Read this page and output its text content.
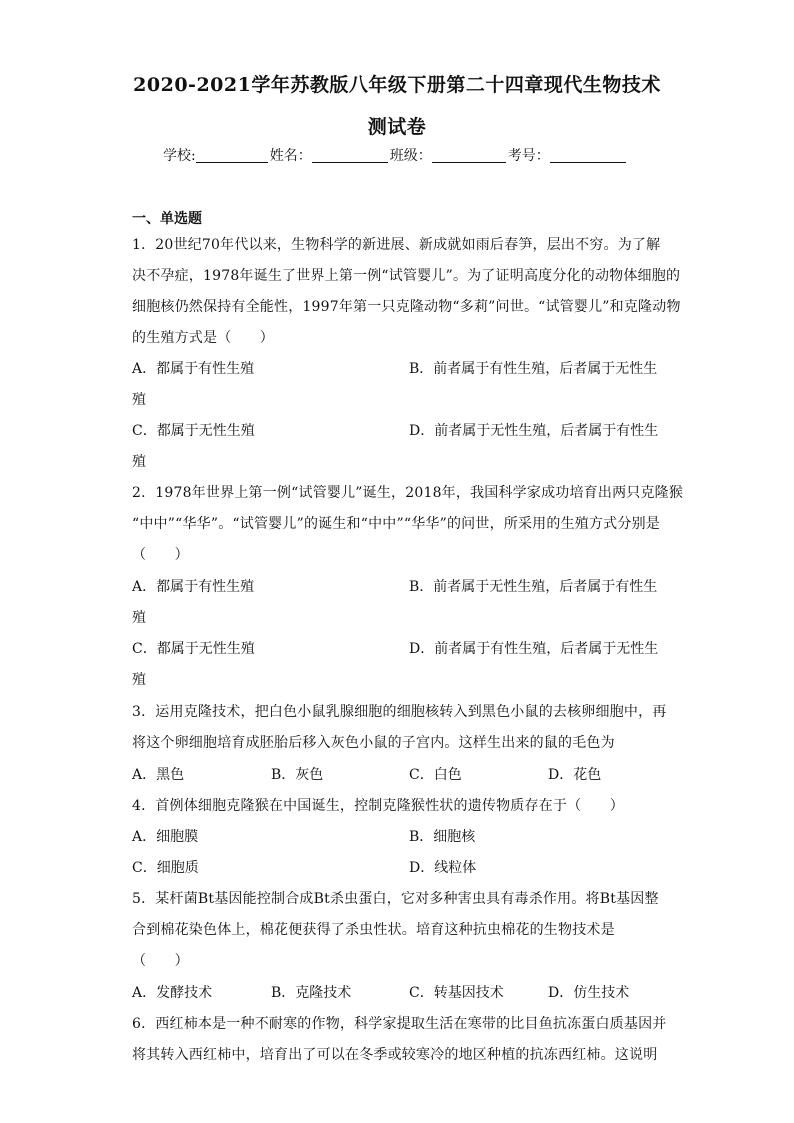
2020-2021学年苏教版八年级下册第二十四章现代生物技术
测试卷
学校:	姓名：	班级：	考号：
一、单选题
1．20世纪70年代以来，生物科学的新进展、新成就如雨后春笋，层出不穷。为了解
决不孕症，1978年诞生了世界上第一例“试管婴儿”。为了证明高度分化的动物体细胞的
细胞核仍然保持有全能性，1997年第一只克隆动物“多莉”问世。“试管婴儿”和克隆动物
的生殖方式是（　　）
A．都属于有性生殖	B．前者属于有性生殖，后者属于无性生
殖
C．都属于无性生殖	D．前者属于无性生殖，后者属于有性生
殖
2．1978年世界上第一例“试管婴儿”诞生，2018年，我国科学家成功培育出两只克隆猴
“中中”“华华”。“试管婴儿”的诞生和“中中”“华华”的问世，所采用的生殖方式分别是
（　　）
A．都属于有性生殖	B．前者属于无性生殖，后者属于有性生
殖
C．都属于无性生殖	D．前者属于有性生殖，后者属于无性生
殖
3．运用克隆技术，把白色小鼠乳腺细胞的细胞核转入到黑色小鼠的去核卵细胞中，再
将这个卵细胞培育成胚胎后移入灰色小鼠的子宫内。这样生出来的鼠的毛色为
A．黑色	B．灰色	C．白色	D．花色
4．首例体细胞克隆猴在中国诞生，控制克隆猴性状的遗传物质存在于（　　）
A．细胞膜	B．细胞核
C．细胞质	D．线粒体
5．某杆菌Bt基因能控制合成Bt杀虫蛋白，它对多种害虫具有毒杀作用。将Bt基因整
合到棉花染色体上，棉花便获得了杀虫性状。培育这种抗虫棉花的生物技术是
（　　）
A．发酵技术	B．克隆技术	C．转基因技术	D．仿生技术
6．西红柿本是一种不耐寒的作物，科学家提取生活在寒带的比目鱼抗冻蛋白质基因并
将其转入西红柿中，培育出了可以在冬季或较寒冷的地区种植的抗冻西红柿。这说明
